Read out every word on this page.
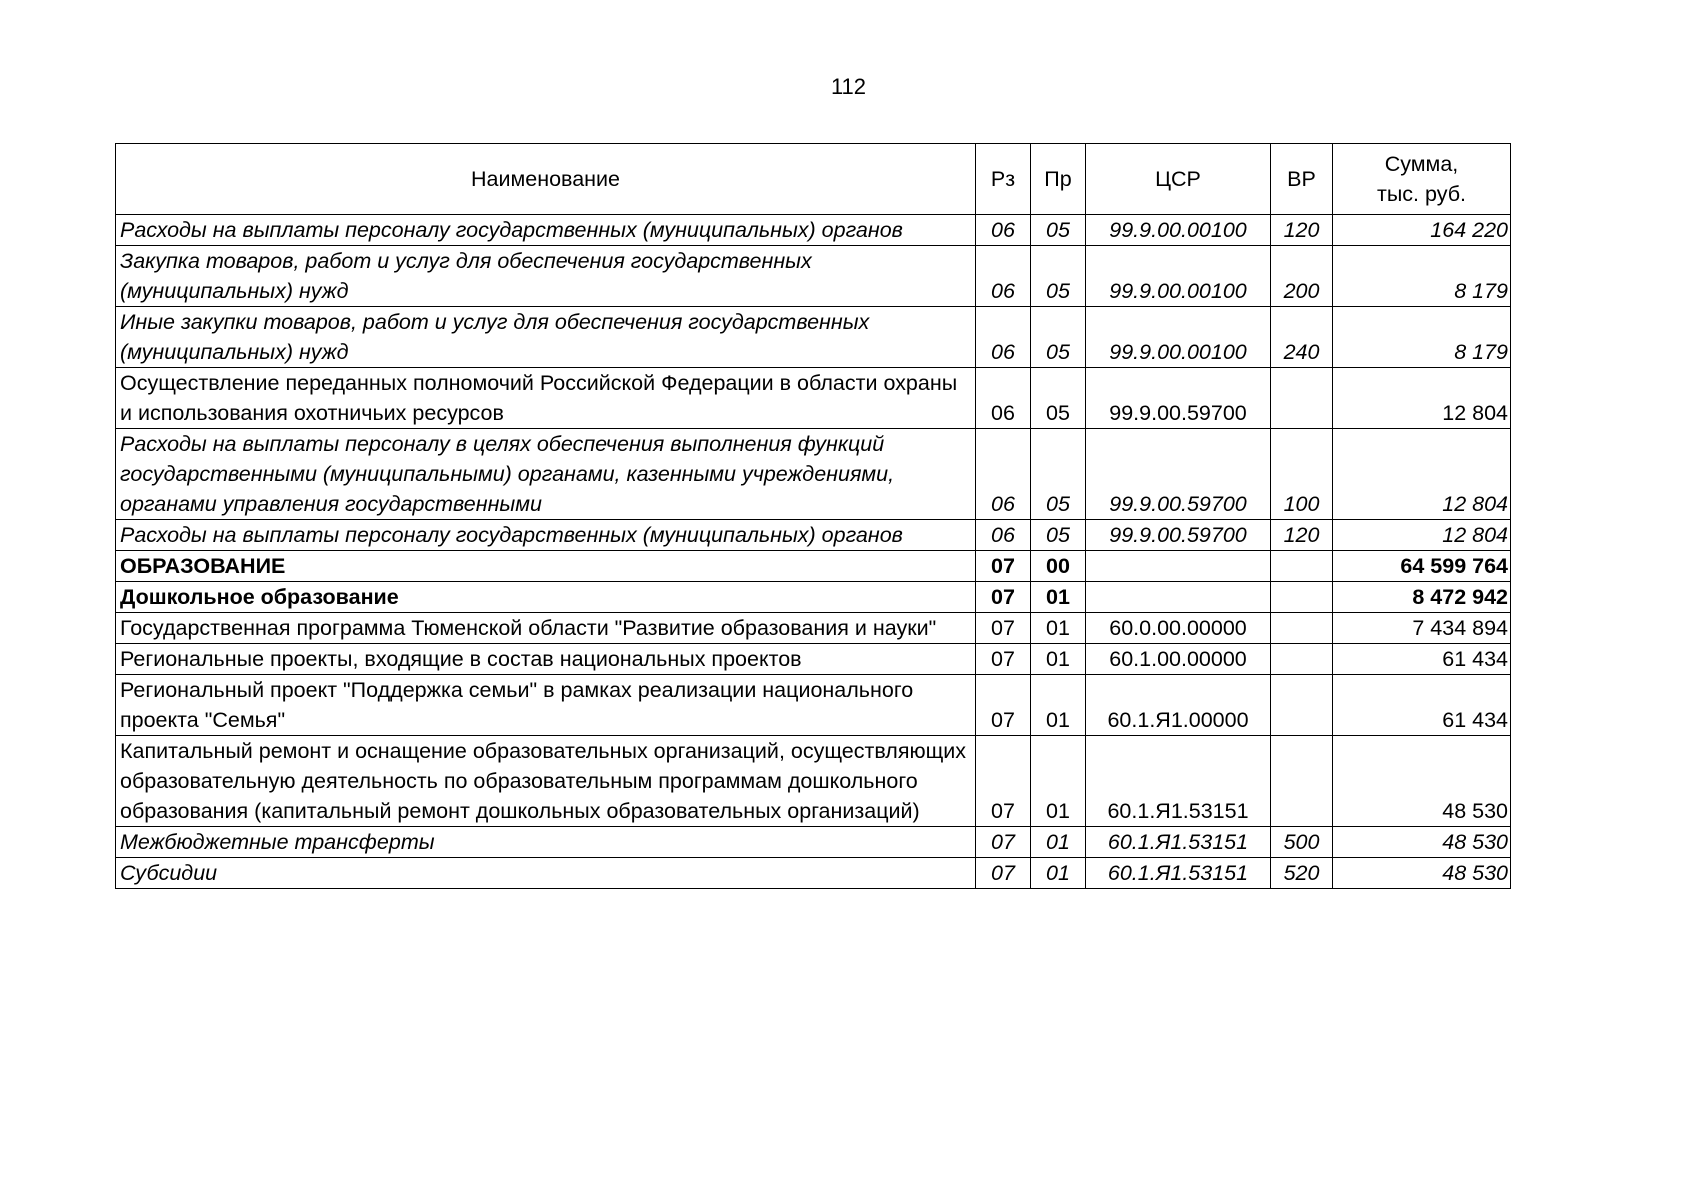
112
Наименование	Рз	Пр	ЦСР	ВР	Сумма,
тыс. руб.
Расходы на выплаты персоналу государственных (муниципальных) органов	06	05	99.9.00.00100	120	164 220
Закупка товаров, работ и услуг для обеспечения государственных (муниципальных) нужд	06	05	99.9.00.00100	200	8 179
Иные закупки товаров, работ и услуг для обеспечения государственных (муниципальных) нужд	06	05	99.9.00.00100	240	8 179
Осуществление переданных полномочий Российской Федерации в области охраны и использования охотничьих ресурсов	06	05	99.9.00.59700		12 804
Расходы на выплаты персоналу в целях обеспечения выполнения функций государственными (муниципальными) органами, казенными учреждениями, органами управления государственными	06	05	99.9.00.59700	100	12 804
Расходы на выплаты персоналу государственных (муниципальных) органов	06	05	99.9.00.59700	120	12 804
ОБРАЗОВАНИЕ	07	00			64 599 764
Дошкольное образование	07	01			8 472 942
Государственная программа Тюменской области "Развитие образования и науки"	07	01	60.0.00.00000		7 434 894
Региональные проекты, входящие в состав национальных проектов	07	01	60.1.00.00000		61 434
Региональный проект "Поддержка семьи" в рамках реализации национального проекта "Семья"	07	01	60.1.Я1.00000		61 434
Капитальный ремонт и оснащение образовательных организаций, осуществляющих образовательную деятельность по образовательным программам дошкольного образования (капитальный ремонт дошкольных образовательных организаций)	07	01	60.1.Я1.53151		48 530
Межбюджетные трансферты	07	01	60.1.Я1.53151	500	48 530
Субсидии	07	01	60.1.Я1.53151	520	48 530
